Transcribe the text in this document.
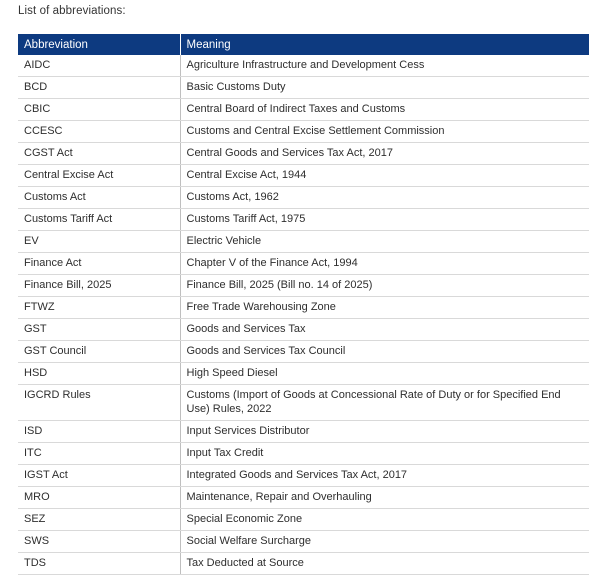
List of abbreviations:
Abbreviation	Meaning
AIDC	Agriculture Infrastructure and Development Cess
BCD	Basic Customs Duty
CBIC	Central Board of Indirect Taxes and Customs
CCESC	Customs and Central Excise Settlement Commission
CGST Act	Central Goods and Services Tax Act, 2017
Central Excise Act	Central Excise Act, 1944
Customs Act	Customs Act, 1962
Customs Tariff Act	Customs Tariff Act, 1975
EV	Electric Vehicle
Finance Act	Chapter V of the Finance Act, 1994
Finance Bill, 2025	Finance Bill, 2025 (Bill no. 14 of 2025)
FTWZ	Free Trade Warehousing Zone
GST	Goods and Services Tax
GST Council	Goods and Services Tax Council
HSD	High Speed Diesel
IGCRD Rules	Customs (Import of Goods at Concessional Rate of Duty or for Specified End Use) Rules, 2022
ISD	Input Services Distributor
ITC	Input Tax Credit
IGST Act	Integrated Goods and Services Tax Act, 2017
MRO	Maintenance, Repair and Overhauling
SEZ	Special Economic Zone
SWS	Social Welfare Surcharge
TDS	Tax Deducted at Source
